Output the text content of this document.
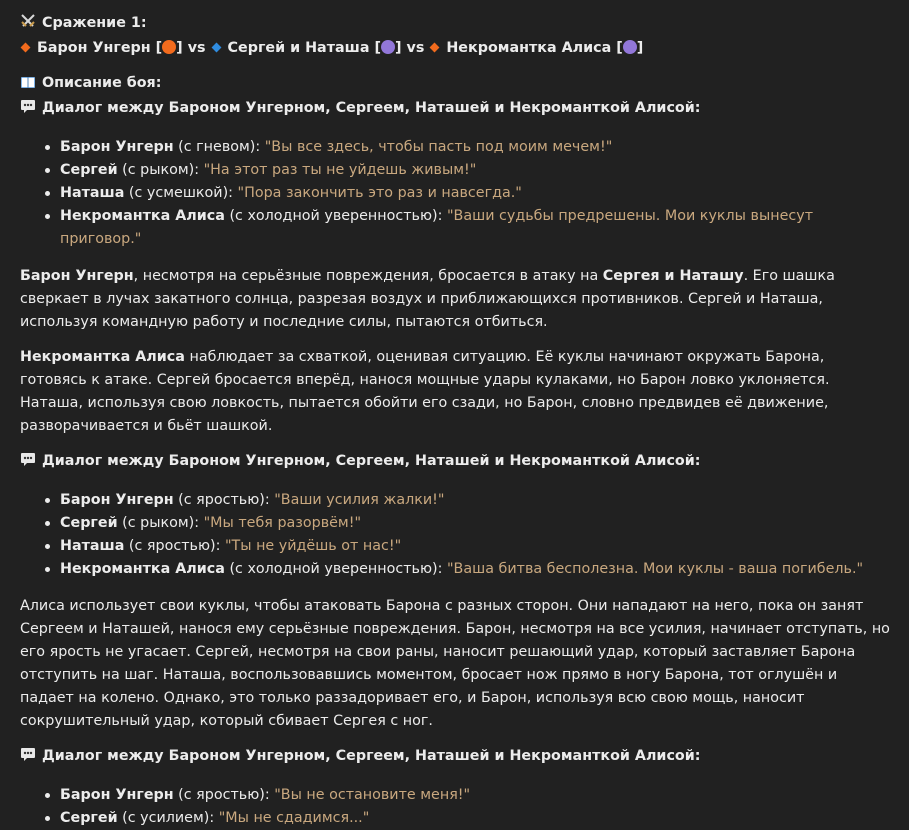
Сражение 1:
Барон Унгерн [ ] vs Сергей и Наташа [ ] vs Некромантка Алиса [ ]
Описание боя:
Диалог между Бароном Унгерном, Сергеем, Наташей и Некроманткой Алисой:
Барон Унгерн (с гневом): "Вы все здесь, чтобы пасть под моим мечем!"
Сергей (с рыком): "На этот раз ты не уйдешь живым!"
Наташа (с усмешкой): "Пора закончить это раз и навсегда."
Некромантка Алиса (с холодной уверенностью): "Ваши судьбы предрешены. Мои куклы вынесут приговор."

Барон Унгерн, несмотря на серьёзные повреждения, бросается в атаку на Сергея и Наташу. Его шашка сверкает в лучах закатного солнца, разрезая воздух и приближающихся противников. Сергей и Наташа, используя командную работу и последние силы, пытаются отбиться.

Некромантка Алиса наблюдает за схваткой, оценивая ситуацию. Её куклы начинают окружать Барона, готовясь к атаке. Сергей бросается вперёд, нанося мощные удары кулаками, но Барон ловко уклоняется. Наташа, используя свою ловкость, пытается обойти его сзади, но Барон, словно предвидев её движение, разворачивается и бьёт шашкой.

Диалог между Бароном Унгерном, Сергеем, Наташей и Некроманткой Алисой:
Барон Унгерн (с яростью): "Ваши усилия жалки!"
Сергей (с рыком): "Мы тебя разорвём!"
Наташа (с яростью): "Ты не уйдёшь от нас!"
Некромантка Алиса (с холодной уверенностью): "Ваша битва бесполезна. Мои куклы - ваша погибель."

Алиса использует свои куклы, чтобы атаковать Барона с разных сторон. Они нападают на него, пока он занят Сергеем и Наташей, нанося ему серьёзные повреждения. Барон, несмотря на все усилия, начинает отступать, но его ярость не угасает. Сергей, несмотря на свои раны, наносит решающий удар, который заставляет Барона отступить на шаг. Наташа, воспользовавшись моментом, бросает нож прямо в ногу Барона, тот оглушён и падает на колено. Однако, это только раззадоривает его, и Барон, используя всю свою мощь, наносит сокрушительный удар, который сбивает Сергея с ног.

Диалог между Бароном Унгерном, Сергеем, Наташей и Некроманткой Алисой:
Барон Унгерн (с яростью): "Вы не остановите меня!"
Сергей (с усилием): "Мы не сдадимся..."
